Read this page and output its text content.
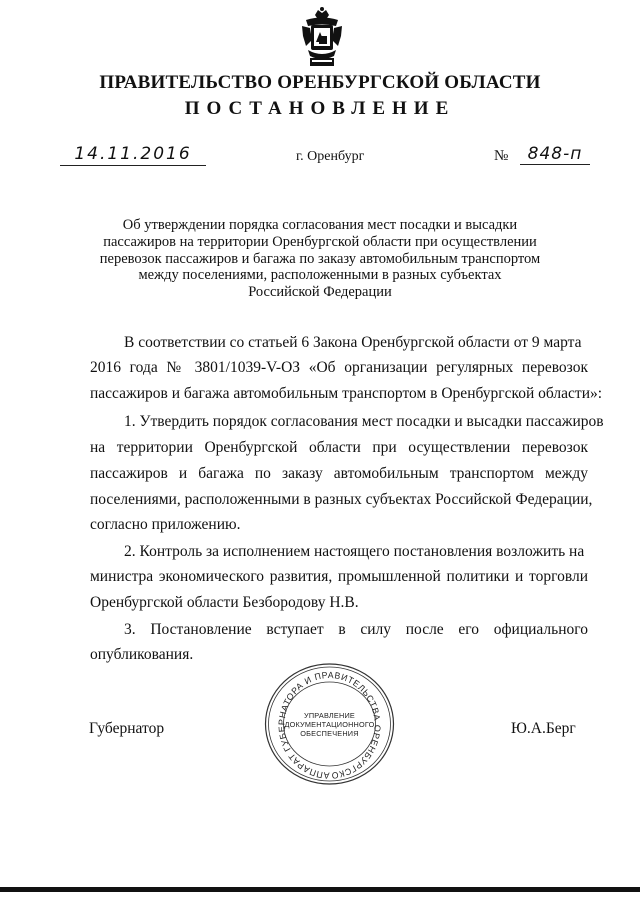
ПРАВИТЕЛЬСТВО ОРЕНБУРГСКОЙ ОБЛАСТИ
ПОСТАНОВЛЕНИЕ
14.11.2016	г. Оренбург	№	848-п
Об утверждении порядка согласования мест посадки и высадки
пассажиров на территории Оренбургской области при осуществлении
перевозок пассажиров и багажа по заказу автомобильным транспортом
между поселениями, расположенными в разных субъектах
Российской Федерации
В соответствии со статьей 6 Закона Оренбургской области от 9 марта
2016 года № 3801/1039-V-ОЗ «Об организации регулярных перевозок
пассажиров и багажа автомобильным транспортом в Оренбургской области»:
1. Утвердить порядок согласования мест посадки и высадки пассажиров
на территории Оренбургской области при осуществлении перевозок
пассажиров и багажа по заказу автомобильным транспортом между
поселениями, расположенными в разных субъектах Российской Федерации,
согласно приложению.
2. Контроль за исполнением настоящего постановления возложить на
министра экономического развития, промышленной политики и торговли
Оренбургской области Безбородову Н.В.
3. Постановление вступает в силу после его официального
опубликования.
АППАРАТ ГУБЕРНАТОРА И ПРАВИТЕЛЬСТВА ОРЕНБУРГСКО
УПРАВЛЕНИЕ
ДОКУМЕНТАЦИОННОГО
ОБЕСПЕЧЕНИЯ
Губернатор	Ю.А.Берг
